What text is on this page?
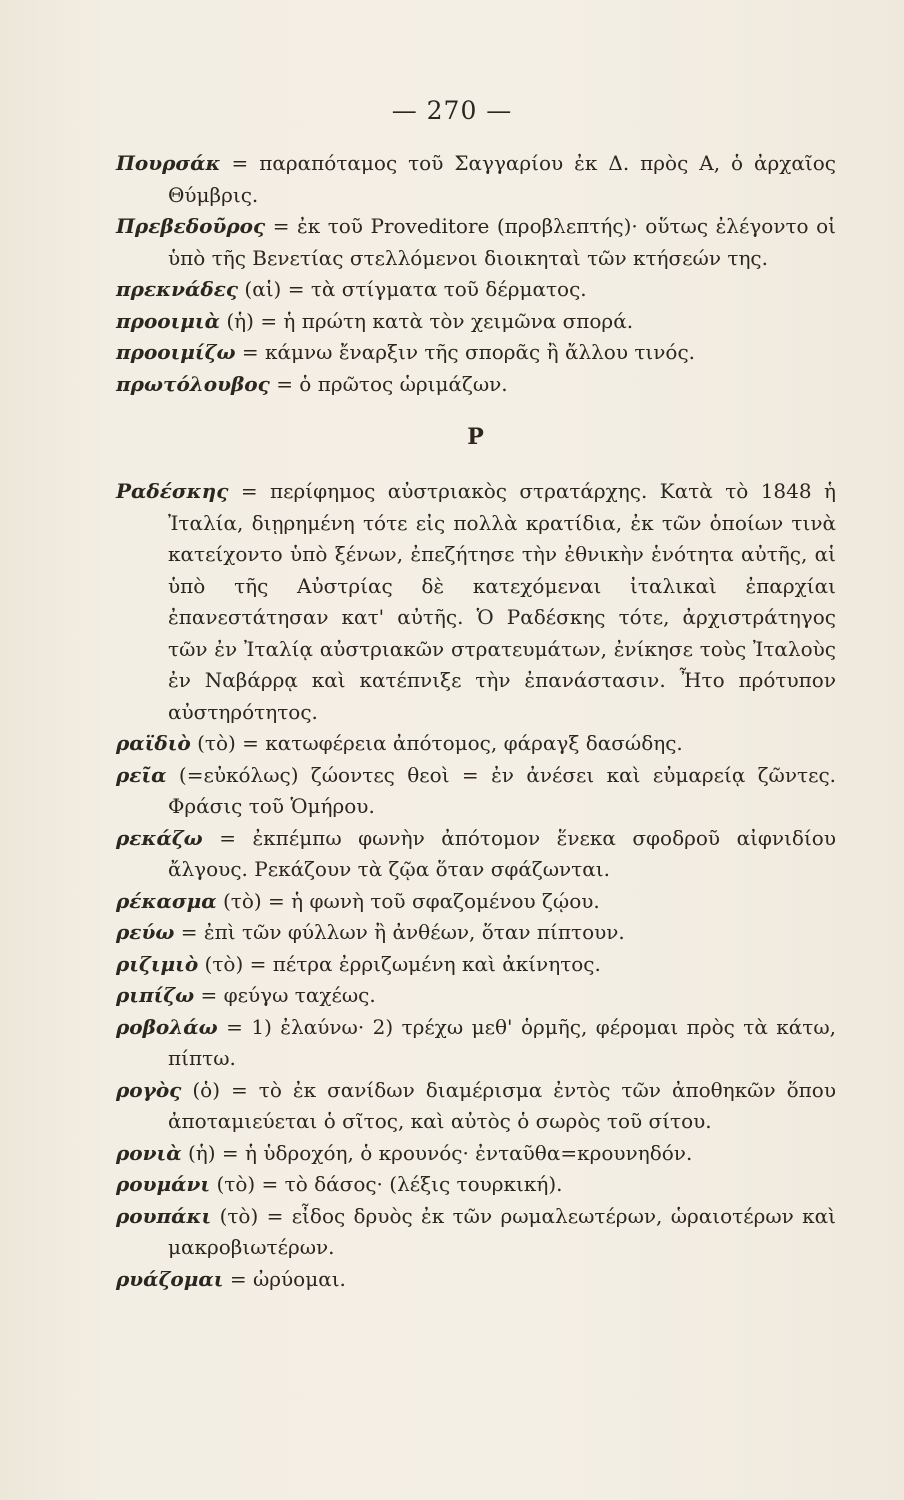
— 270 —

Πουρσάκ = παραπόταμος τοῦ Σαγγαρίου ἐκ Δ. πρὸς Α, ὁ ἀρχαῖος Θύμβρις.

Πρεβεδοῦρος = ἐκ τοῦ Proveditore (προβλεπτής)· οὕτως ἐλέγοντο οἱ ὑπὸ τῆς Βενετίας στελλόμενοι διοικηταὶ τῶν κτήσεών της.

πρεκνάδες (αἱ) = τὰ στίγματα τοῦ δέρματος.

προοιμιὰ (ἡ) = ἡ πρώτη κατὰ τὸν χειμῶνα σπορά.

προοιμίζω = κάμνω ἔναρξιν τῆς σπορᾶς ἢ ἄλλου τινός.

πρωτόλουβος = ὁ πρῶτος ὡριμάζων.

Ρ

Ραδέσκης = περίφημος αὐστριακὸς στρατάρχης. Κατὰ τὸ 1848 ἡ Ἰταλία, διῃρημένη τότε εἰς πολλὰ κρατίδια, ἐκ τῶν ὁποίων τινὰ κατείχοντο ὑπὸ ξένων, ἐπεζήτησε τὴν ἐθνικὴν ἑνότητα αὐτῆς, αἱ ὑπὸ τῆς Αὐστρίας δὲ κατεχόμεναι ἰταλικαὶ ἐπαρχίαι ἐπανεστάτησαν κατ' αὐτῆς. Ὁ Ραδέσκης τότε, ἀρχιστράτηγος τῶν ἐν Ἰταλίᾳ αὐστριακῶν στρατευμάτων, ἐνίκησε τοὺς Ἰταλοὺς ἐν Ναβάρρᾳ καὶ κατέπνιξε τὴν ἐπανάστασιν. Ἦτο πρότυπον αὐστηρότητος.

ραϊδιὸ (τὸ) = κατωφέρεια ἀπότομος, φάραγξ δασώδης.

ρεῖα (=εὐκόλως) ζώοντες θεοὶ = ἐν ἀνέσει καὶ εὐμαρείᾳ ζῶντες. Φράσις τοῦ Ὁμήρου.

ρεκάζω = ἐκπέμπω φωνὴν ἀπότομον ἕνεκα σφοδροῦ αἰφνιδίου ἄλγους. Ρεκάζουν τὰ ζῷα ὅταν σφάζωνται.

ρέκασμα (τὸ) = ἡ φωνὴ τοῦ σφαζομένου ζῴου.

ρεύω = ἐπὶ τῶν φύλλων ἢ ἀνθέων, ὅταν πίπτουν.

ριζιμιὸ (τὸ) = πέτρα ἐρριζωμένη καὶ ἀκίνητος.

ριπίζω = φεύγω ταχέως.

ροβολάω = 1) ἐλαύνω· 2) τρέχω μεθ' ὁρμῆς, φέρομαι πρὸς τὰ κάτω, πίπτω.

ρογὸς (ὁ) = τὸ ἐκ σανίδων διαμέρισμα ἐντὸς τῶν ἀποθηκῶν ὅπου ἀποταμιεύεται ὁ σῖτος, καὶ αὐτὸς ὁ σωρὸς τοῦ σίτου.

ρονιὰ (ἡ) = ἡ ὑδροχόη, ὁ κρουνός· ἐνταῦθα=κρουνηδόν.

ρουμάνι (τὸ) = τὸ δάσος· (λέξις τουρκική).

ρουπάκι (τὸ) = εἶδος δρυὸς ἐκ τῶν ρωμαλεωτέρων, ὡραιοτέρων καὶ μακροβιωτέρων.

ρυάζομαι = ὠρύομαι.
